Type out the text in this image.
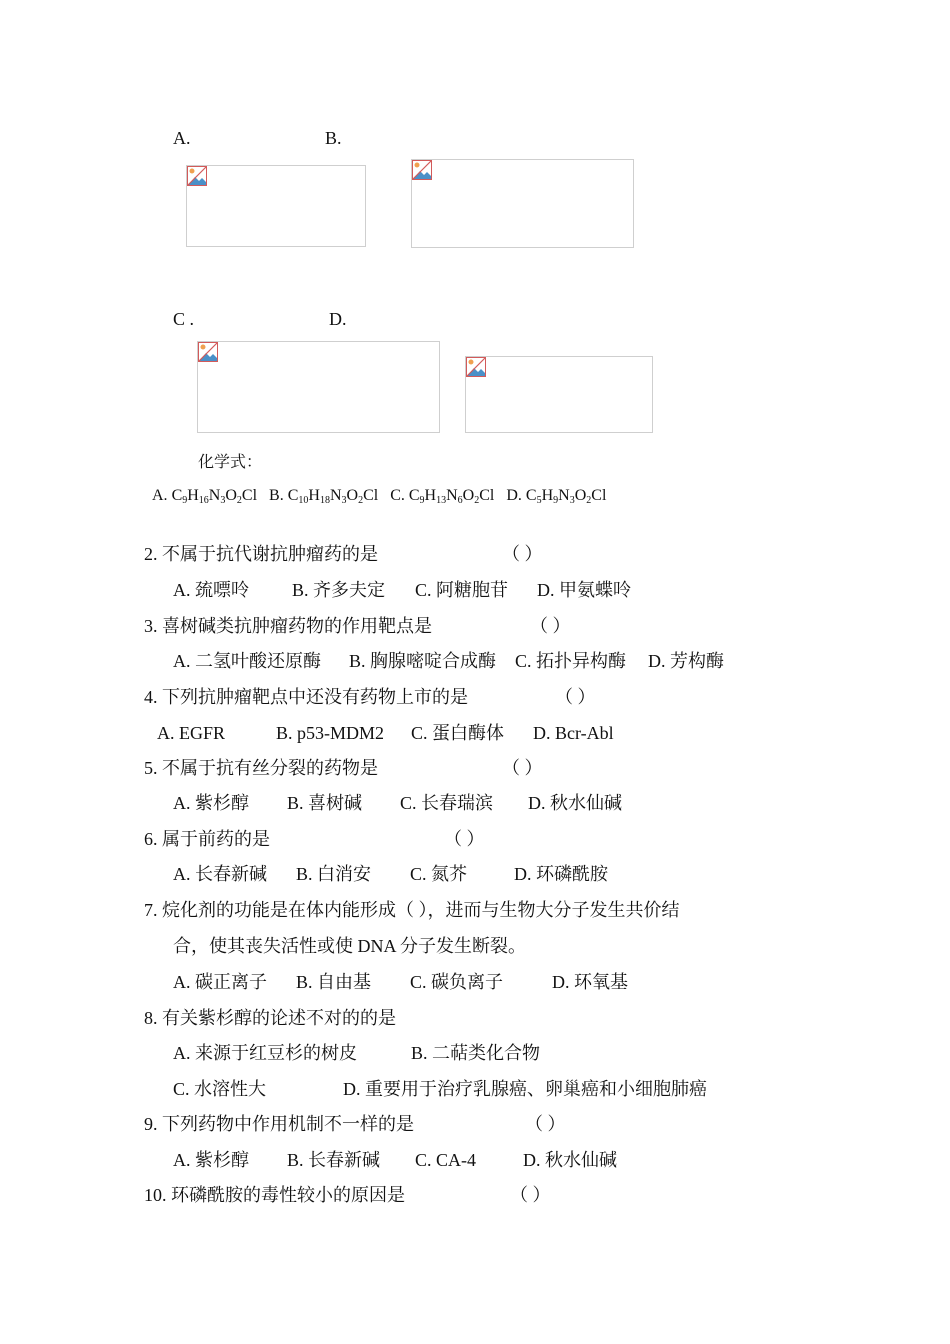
A.	B.
C .	D.
化学式：
A. $C_9H_{16}N_3O_2Cl$ B. $C_{10}H_{18}N_3O_2Cl$ C. $C_9H_{13}N_6O_2Cl$ D. $C_5H_9N_3O_2Cl$
2. 不属于抗代谢抗肿瘤药的是	（ ）
A. 巯嘌呤 B. 齐多夫定 C. 阿糖胞苷 D. 甲氨蝶呤
3. 喜树碱类抗肿瘤药物的作用靶点是	（ ）
A. 二氢叶酸还原酶 B. 胸腺嘧啶合成酶 C. 拓扑异构酶 D. 芳构酶
4. 下列抗肿瘤靶点中还没有药物上市的是	（ ）
A. EGFR	B. p53-MDM2 C. 蛋白酶体 D. Bcr-Abl
5. 不属于抗有丝分裂的药物是	（ ）
A. 紫杉醇 B. 喜树碱 C. 长春瑞滨 D. 秋水仙碱
6. 属于前药的是	（ ）
A. 长春新碱 B. 白消安 C. 氮芥	D. 环磷酰胺
7. 烷化剂的功能是在体内能形成（ ），进而与生物大分子发生共价结
合，使其丧失活性或使 DNA 分子发生断裂。
A. 碳正离子 B. 自由基 C. 碳负离子	D. 环氧基
8. 有关紫杉醇的论述不对的的是
A. 来源于红豆杉的树皮	B. 二萜类化合物
C. 水溶性大	D. 重要用于治疗乳腺癌、卵巢癌和小细胞肺癌
9. 下列药物中作用机制不一样的是	（ ）
A. 紫杉醇 B. 长春新碱 C. CA-4	D. 秋水仙碱
10. 环磷酰胺的毒性较小的原因是	（ ）
